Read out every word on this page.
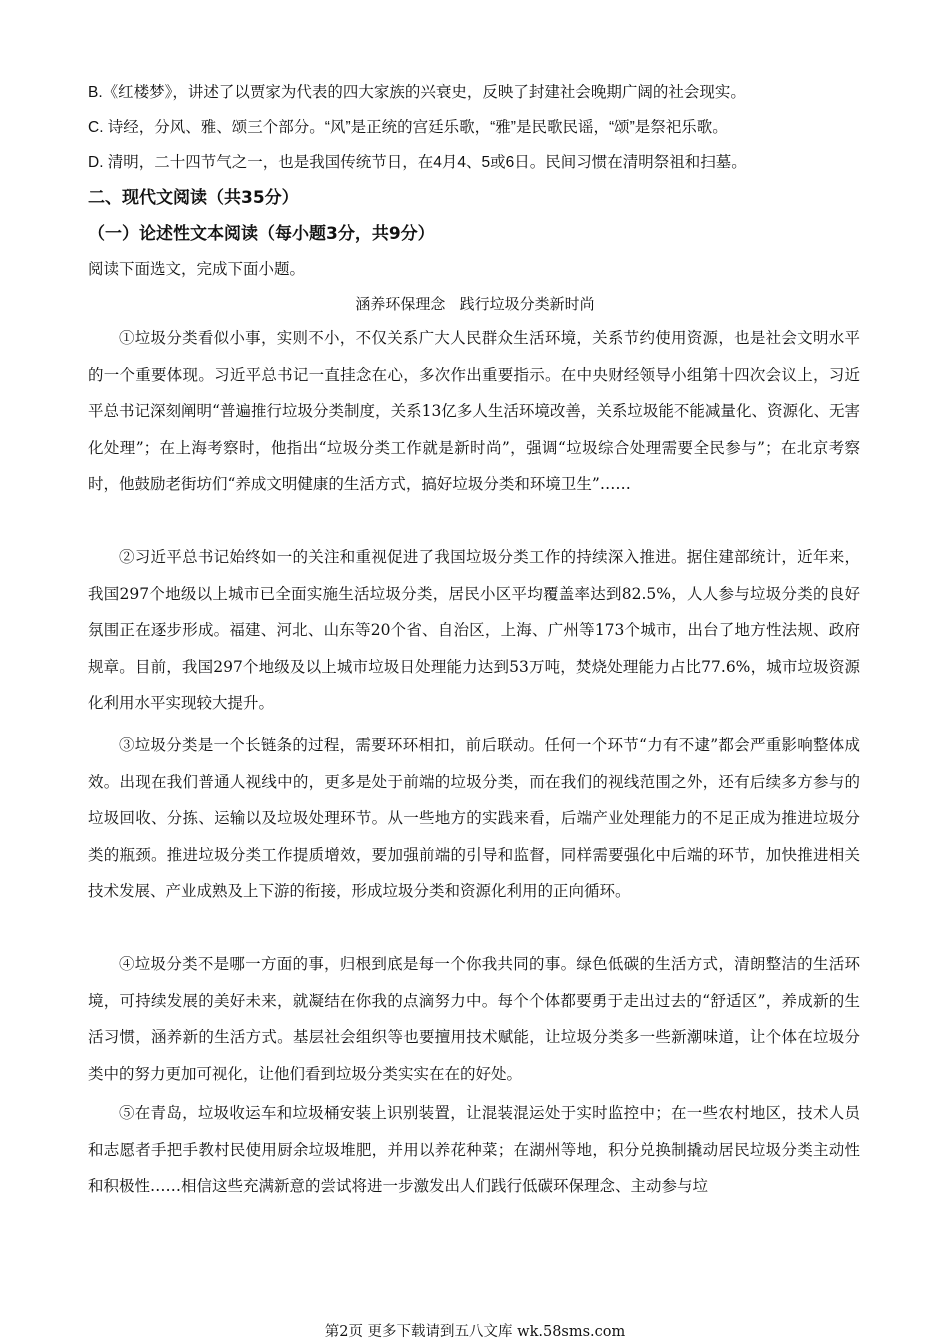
B.《红楼梦》，讲述了以贾家为代表的四大家族的兴衰史，反映了封建社会晚期广阔的社会现实。
C. 诗经，分风、雅、颂三个部分。“风”是正统的宫廷乐歌，“雅”是民歌民谣，“颂”是祭祀乐歌。
D. 清明，二十四节气之一，也是我国传统节日，在4月4、5或6日。民间习惯在清明祭祖和扫墓。
二、现代文阅读（共35分）
（一）论述性文本阅读（每小题3分，共9分）
阅读下面选文，完成下面小题。
涵养环保理念   践行垃圾分类新时尚

①垃圾分类看似小事，实则不小，不仅关系广大人民群众生活环境，关系节约使用资源，也是社会文明水平的一个重要体现。习近平总书记一直挂念在心，多次作出重要指示。在中央财经领导小组第十四次会议上，习近平总书记深刻阐明“普遍推行垃圾分类制度，关系13亿多人生活环境改善，关系垃圾能不能减量化、资源化、无害化处理”；在上海考察时，他指出“垃圾分类工作就是新时尚”，强调“垃圾综合处理需要全民参与”；在北京考察时，他鼓励老街坊们“养成文明健康的生活方式，搞好垃圾分类和环境卫生”……

②习近平总书记始终如一的关注和重视促进了我国垃圾分类工作的持续深入推进。据住建部统计，近年来，我国297个地级以上城市已全面实施生活垃圾分类，居民小区平均覆盖率达到82.5%，人人参与垃圾分类的良好氛围正在逐步形成。福建、河北、山东等20个省、自治区，上海、广州等173个城市，出台了地方性法规、政府规章。目前，我国297个地级及以上城市垃圾日处理能力达到53万吨，焚烧处理能力占比77.6%，城市垃圾资源化利用水平实现较大提升。

③垃圾分类是一个长链条的过程，需要环环相扣，前后联动。任何一个环节“力有不逮”都会严重影响整体成效。出现在我们普通人视线中的，更多是处于前端的垃圾分类，而在我们的视线范围之外，还有后续多方参与的垃圾回收、分拣、运输以及垃圾处理环节。从一些地方的实践来看，后端产业处理能力的不足正成为推进垃圾分类的瓶颈。推进垃圾分类工作提质增效，要加强前端的引导和监督，同样需要强化中后端的环节，加快推进相关技术发展、产业成熟及上下游的衔接，形成垃圾分类和资源化利用的正向循环。

④垃圾分类不是哪一方面的事，归根到底是每一个你我共同的事。绿色低碳的生活方式，清朗整洁的生活环境，可持续发展的美好未来，就凝结在你我的点滴努力中。每个个体都要勇于走出过去的“舒适区”，养成新的生活习惯，涵养新的生活方式。基层社会组织等也要擅用技术赋能，让垃圾分类多一些新潮味道，让个体在垃圾分类中的努力更加可视化，让他们看到垃圾分类实实在在的好处。

⑤在青岛，垃圾收运车和垃圾桶安装上识别装置，让混装混运处于实时监控中；在一些农村地区，技术人员和志愿者手把手教村民使用厨余垃圾堆肥，并用以养花种菜；在湖州等地，积分兑换制撬动居民垃圾分类主动性和积极性……相信这些充满新意的尝试将进一步激发出人们践行低碳环保理念、主动参与垃

第2页 更多下载请到五八文库 wk.58sms.com
